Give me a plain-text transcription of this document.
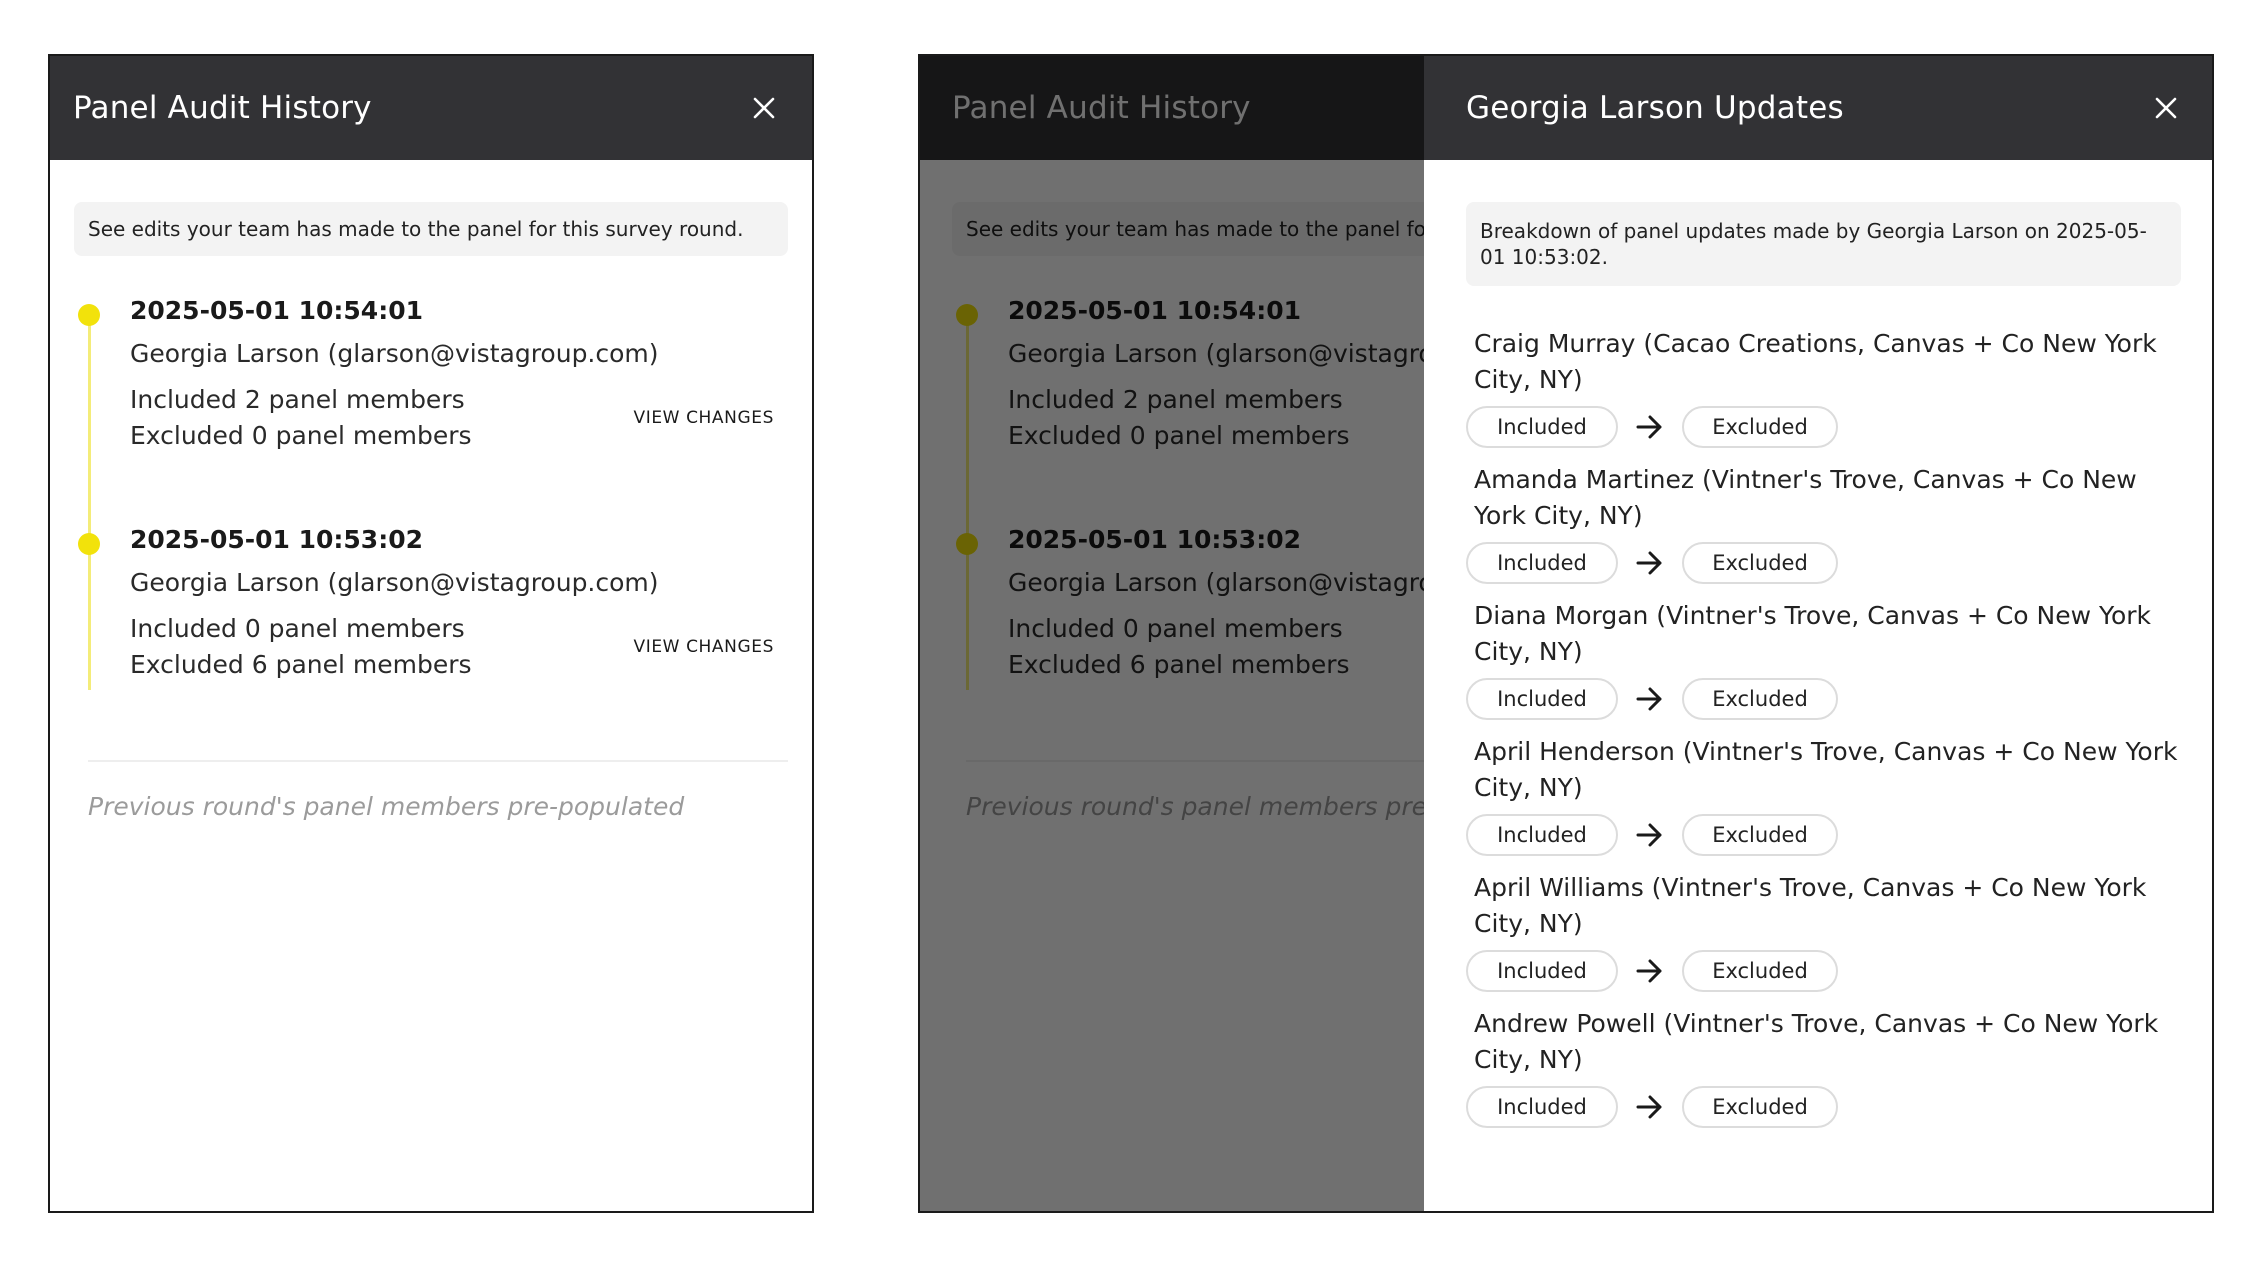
Panel Audit History
See edits your team has made to the panel for this survey round.
2025-05-01 10:54:01
Georgia Larson (glarson@vistagroup.com)
Included 2 panel members
Excluded 0 panel members
VIEW CHANGES
2025-05-01 10:53:02
Georgia Larson (glarson@vistagroup.com)
Included 0 panel members
Excluded 6 panel members
VIEW CHANGES
Previous round's panel members pre-populated
Georgia Larson Updates
Breakdown of panel updates made by Georgia Larson on 2025-05-01 10:53:02.
Craig Murray (Cacao Creations, Canvas + Co New York City, NY)
Included	Excluded
Amanda Martinez (Vintner's Trove, Canvas + Co New York City, NY)
Included	Excluded
Diana Morgan (Vintner's Trove, Canvas + Co New York City, NY)
Included	Excluded
April Henderson (Vintner's Trove, Canvas + Co New York City, NY)
Included	Excluded
April Williams (Vintner's Trove, Canvas + Co New York City, NY)
Included	Excluded
Andrew Powell (Vintner's Trove, Canvas + Co New York City, NY)
Included	Excluded
